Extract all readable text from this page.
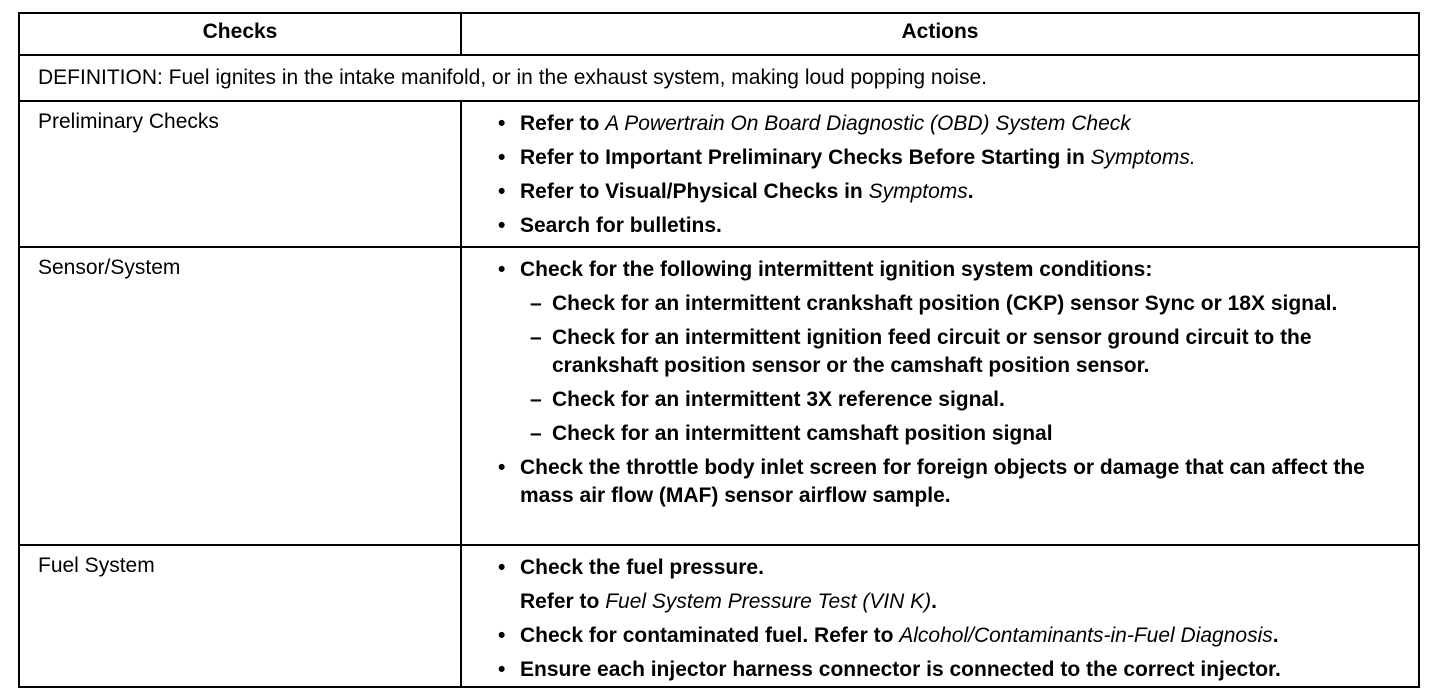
Checks	Actions
DEFINITION: Fuel ignites in the intake manifold, or in the exhaust system, making loud popping noise.
Preliminary Checks	• Refer to A Powertrain On Board Diagnostic (OBD) System Check
• Refer to Important Preliminary Checks Before Starting in Symptoms.
• Refer to Visual/Physical Checks in Symptoms.
• Search for bulletins.
Sensor/System	• Check for the following intermittent ignition system conditions:
– Check for an intermittent crankshaft position (CKP) sensor Sync or 18X signal.
– Check for an intermittent ignition feed circuit or sensor ground circuit to the crankshaft position sensor or the camshaft position sensor.
– Check for an intermittent 3X reference signal.
– Check for an intermittent camshaft position signal
• Check the throttle body inlet screen for foreign objects or damage that can affect the mass air flow (MAF) sensor airflow sample.
Fuel System	• Check the fuel pressure.
Refer to Fuel System Pressure Test (VIN K).
• Check for contaminated fuel. Refer to Alcohol/Contaminants-in-Fuel Diagnosis.
• Ensure each injector harness connector is connected to the correct injector.
